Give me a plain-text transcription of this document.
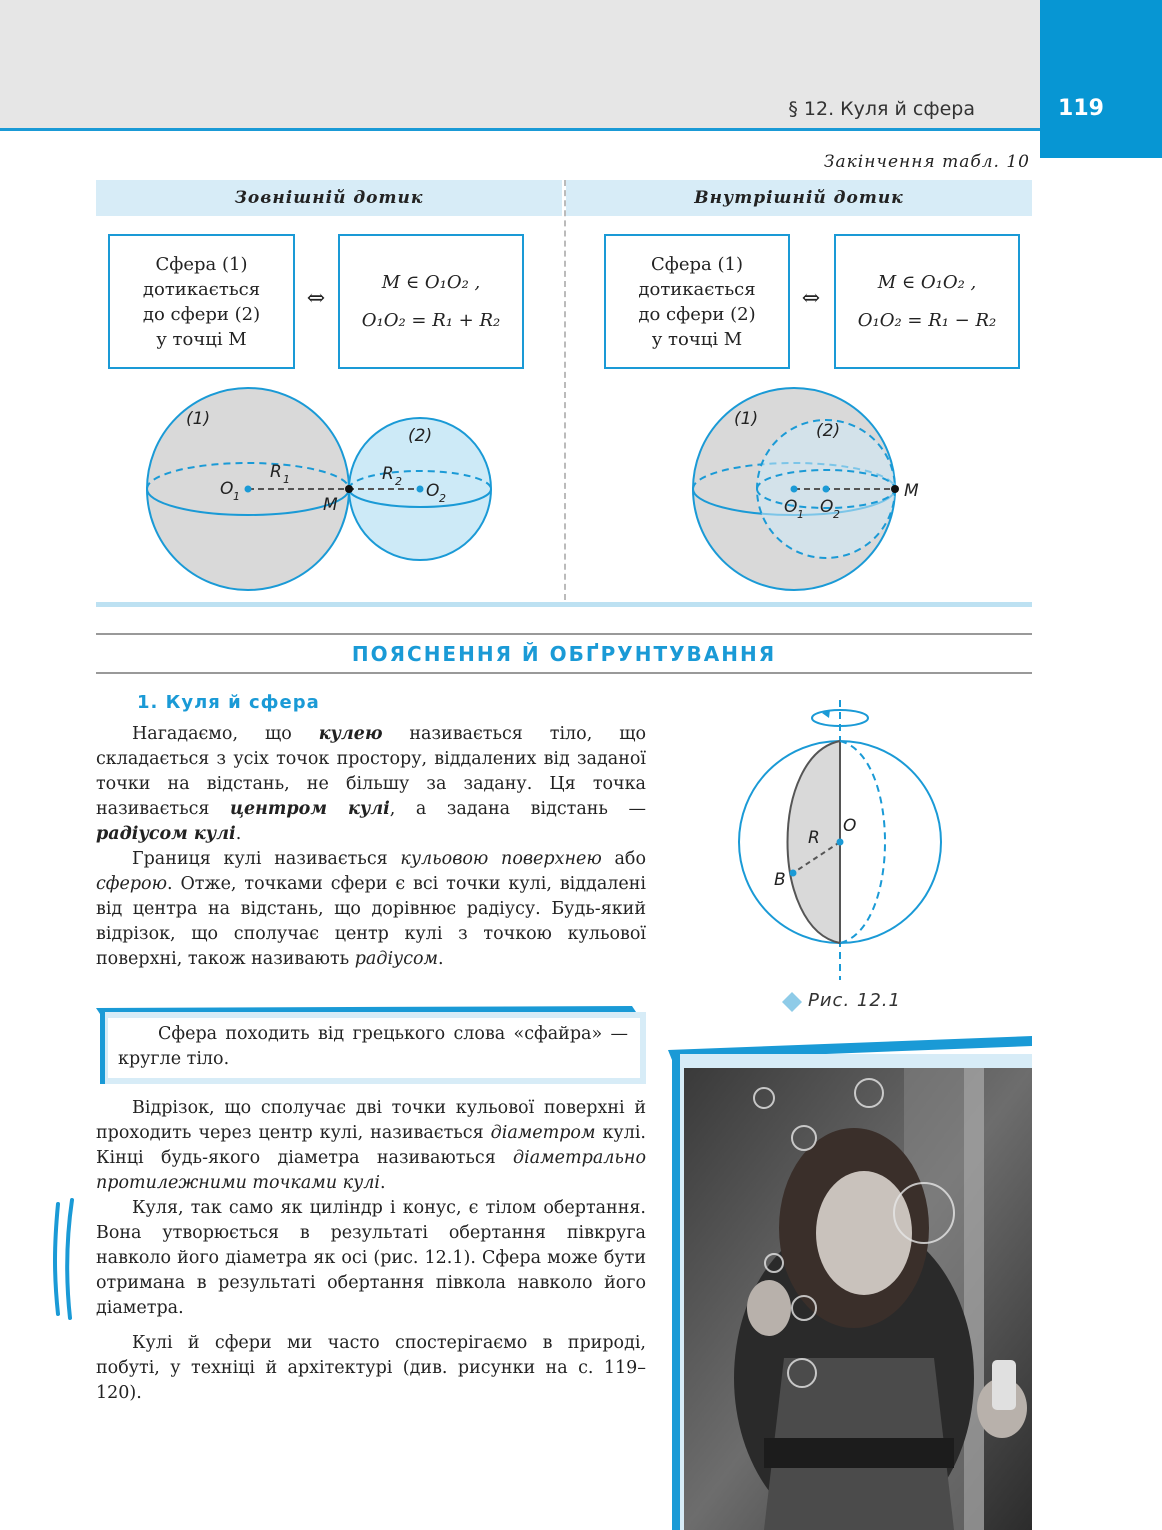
119
§ 12. Куля й сфера
Закінчення табл. 10
Зовнішній дотик	Внутрішній дотик
Сфера (1)
дотикається
до сфери (2)
у точці M
⇔
M ∈ O₁O₂ ,
O₁O₂ = R₁ + R₂
Сфера (1)
дотикається
до сфери (2)
у точці M
⇔
M ∈ O₁O₂ ,
O₁O₂ = R₁ − R₂
(1)
(2)
O 1	O 2
R 1	R 2
M
(1)
(2)
O 1 O 2
M
ПОЯСНЕННЯ Й ОБҐРУНТУВАННЯ
1. Куля й сфера

Нагадаємо, що кулею називається тіло, що складається з усіх точок простору, віддалених від заданої точки на відстань, не більшу за задану. Ця точка називається центром кулі, а задана відстань — радіусом кулі.

Границя кулі називається кульовою поверхнею або сферою. Отже, точками сфери є всі точки кулі, віддалені від центра на відстань, що дорівнює радіусу. Будь-який відрізок, що сполучає центр кулі з точкою кульової поверхні, також називають радіусом.

Сфера походить від грецького слова «сфайра» — кругле тіло.

Відрізок, що сполучає дві точки кульової поверхні й проходить через центр кулі, називається діаметром кулі. Кінці будь-якого діаметра називаються діаметрально протилежними точками кулі.

Куля, так само як циліндр і конус, є тілом обертання. Вона утворюється в результаті обертання півкруга навколо його діаметра як осі (рис. 12.1). Сфера може бути отримана в результаті обертання півкола навколо його діаметра.

Кулі й сфери ми часто спостерігаємо в природі, побуті, у техніці й архітектурі (див. рисунки на с. 119–120).

O
R
B
Рис. 12.1
